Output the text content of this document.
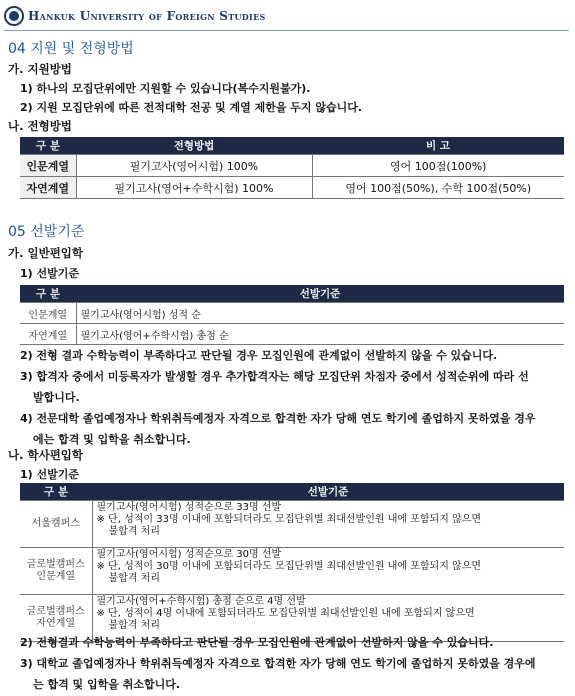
Hankuk University of Foreign Studies
04 지원 및 전형방법
가. 지원방법
1) 하나의 모집단위에만 지원할 수 있습니다(복수지원불가).
2) 지원 모집단위에 따른 전적대학 전공 및 계열 제한을 두지 않습니다.
나. 전형방법
구 분	전형방법	비 고
인문계열	필기고사(영어시험) 100%	영어 100점(100%)
자연계열	필기고사(영어+수학시험) 100%	영어 100점(50%), 수학 100점(50%)
05 선발기준
가. 일반편입학
1) 선발기준
구 분	선발기준
인문계열	필기고사(영어시험) 성적 순
자연계열	필기고사(영어+수학시험) 총점 순
2) 전형 결과 수학능력이 부족하다고 판단될 경우 모집인원에 관계없이 선발하지 않을 수 있습니다.
3) 합격자 중에서 미등록자가 발생할 경우 추가합격자는 해당 모집단위 차점자 중에서 성적순위에 따라 선
발합니다.
4) 전문대학 졸업예정자나 학위취득예정자 자격으로 합격한 자가 당해 연도 학기에 졸업하지 못하였을 경우
에는 합격 및 입학을 취소합니다.
나. 학사편입학
1) 선발기준
구 분	선발기준
서울캠퍼스	필기고사(영어시험) 성적순으로 33명 선발
※ 단, 성적이 33명 이내에 포함되더라도 모집단위별 최대선발인원 내에 포함되지 않으면
불합격 처리

글로벌캠퍼스 인문계열	필기고사(영어시험) 성적순으로 30명 선발
※ 단, 성적이 30명 이내에 포함되더라도 모집단위별 최대선발인원 내에 포함되지 않으면
불합격 처리

글로벌캠퍼스 자연계열	필기고사(영어+수학시험) 총점 순으로 4명 선발
※ 단, 성적이 4명 이내에 포함되더라도 모집단위별 최대선발인원 내에 포함되지 않으면
불합격 처리
2) 전형결과 수학능력이 부족하다고 판단될 경우 모집인원에 관계없이 선발하지 않을 수 있습니다.
3) 대학교 졸업예정자나 학위취득예정자 자격으로 합격한 자가 당해 연도 학기에 졸업하지 못하였을 경우에
는 합격 및 입학을 취소합니다.
